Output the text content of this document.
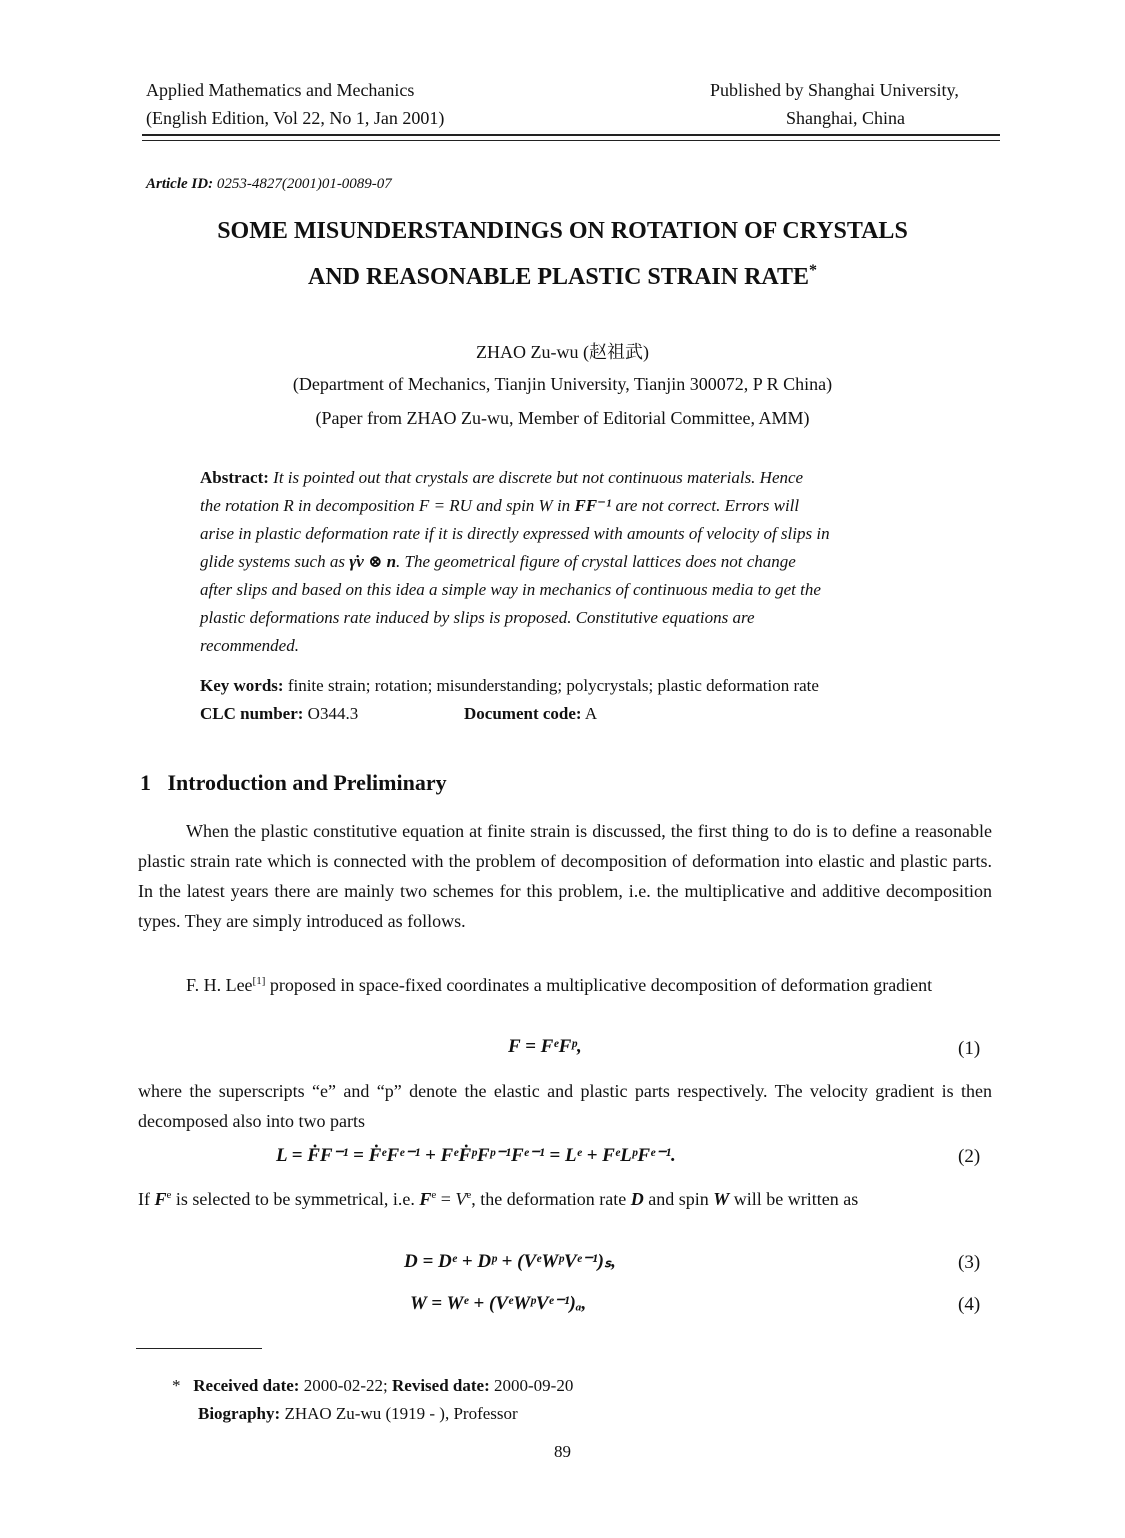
Applied Mathematics and Mechanics
(English Edition, Vol 22, No 1, Jan 2001)
Published by Shanghai University,
Shanghai, China
Article ID: 0253-4827(2001)01-0089-07
SOME MISUNDERSTANDINGS ON ROTATION OF CRYSTALS
AND REASONABLE PLASTIC STRAIN RATE*
ZHAO Zu-wu (赵祖武)
(Department of Mechanics, Tianjin University, Tianjin 300072, P R China)
(Paper from ZHAO Zu-wu, Member of Editorial Committee, AMM)
Abstract: It is pointed out that crystals are discrete but not continuous materials. Hence
the rotation R in decomposition F = RU and spin W in FF⁻¹ are not correct. Errors will
arise in plastic deformation rate if it is directly expressed with amounts of velocity of slips in
glide systems such as γ̇v ⊗ n. The geometrical figure of crystal lattices does not change
after slips and based on this idea a simple way in mechanics of continuous media to get the
plastic deformations rate induced by slips is proposed. Constitutive equations are
recommended.
Key words: finite strain; rotation; misunderstanding; polycrystals; plastic deformation rate
CLC number: O344.3	Document code: A
1 Introduction and Preliminary
When the plastic constitutive equation at finite strain is discussed, the first thing to do is to define a reasonable plastic strain rate which is connected with the problem of decomposition of deformation into elastic and plastic parts. In the latest years there are mainly two schemes for this problem, i.e. the multiplicative and additive decomposition types. They are simply introduced as follows.
F. H. Lee[1] proposed in space-fixed coordinates a multiplicative decomposition of deformation gradient
F = FᵉFᵖ,	(1)
where the superscripts “e” and “p” denote the elastic and plastic parts respectively. The velocity gradient is then decomposed also into two parts
L = ḞF⁻¹ = ḞᵉFᵉ⁻¹ + FᵉḞᵖFᵖ⁻¹Fᵉ⁻¹ = Lᵉ + FᵉLᵖFᵉ⁻¹.	(2)
If $F^e$ is selected to be symmetrical, i.e. $F^e = V^e$, the deformation rate D and spin W will be written as
D = Dᵉ + Dᵖ + (VᵉWᵖVᵉ⁻¹)ₛ,	(3)
W = Wᵉ + (VᵉWᵖVᵉ⁻¹)ₐ,	(4)
* Received date: 2000-02-22; Revised date: 2000-09-20
Biography: ZHAO Zu-wu (1919 - ), Professor
89
